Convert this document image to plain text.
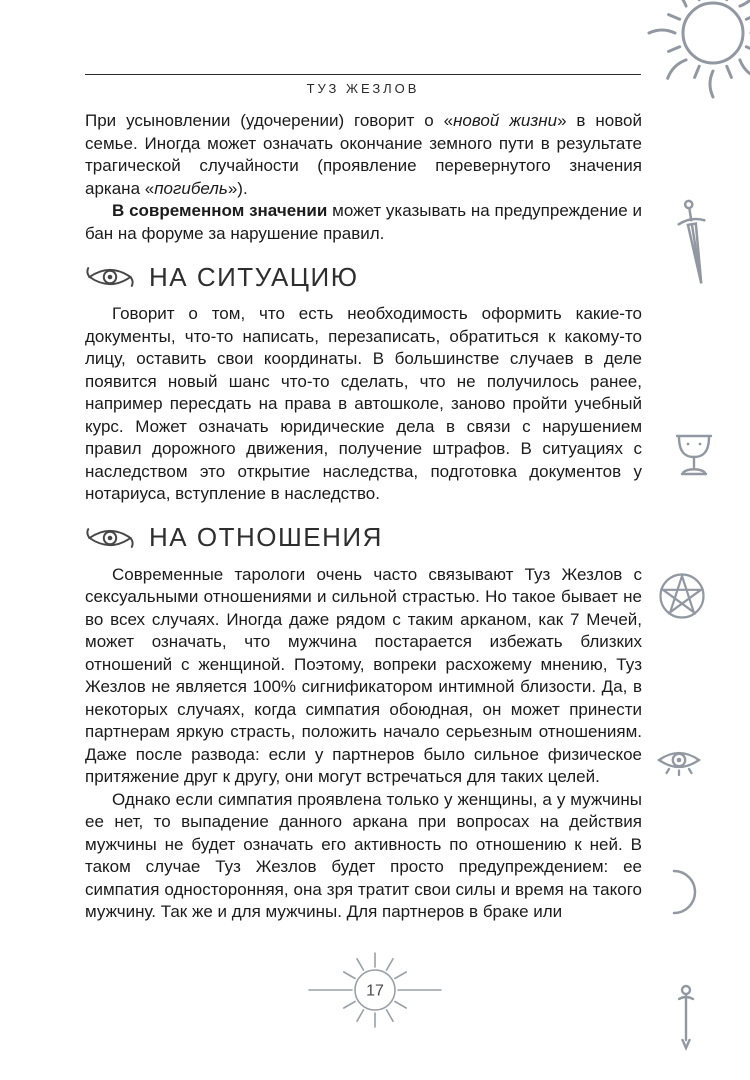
ТУЗ ЖЕЗЛОВ

При усыновлении (удочерении) говорит о «новой жизни» в новой семье. Иногда может означать окончание земного пути в результате трагической случайности (проявление перевернутого значения аркана «погибель»).

В современном значении может указывать на предупреждение и бан на форуме за нарушение правил.

НА СИТУАЦИЮ

Говорит о том, что есть необходимость оформить какие-то документы, что-то написать, перезаписать, обратиться к какому-то лицу, оставить свои координаты. В большинстве случаев в деле появится новый шанс что-то сделать, что не получилось ранее, например пересдать на права в автошколе, заново пройти учебный курс. Может означать юридические дела в связи с нарушением правил дорожного движения, получение штрафов. В ситуациях с наследством это открытие наследства, подготовка документов у нотариуса, вступление в наследство.

НА ОТНОШЕНИЯ

Современные тарологи очень часто связывают Туз Жезлов с сексуальными отношениями и сильной страстью. Но такое бывает не во всех случаях. Иногда даже рядом с таким арканом, как 7 Мечей, может означать, что мужчина постарается избежать близких отношений с женщиной. Поэтому, вопреки расхожему мнению, Туз Жезлов не является 100% сигнификатором интимной близости. Да, в некоторых случаях, когда симпатия обоюдная, он может принести партнерам яркую страсть, положить начало серьезным отношениям. Даже после развода: если у партнеров было сильное физическое притяжение друг к другу, они могут встречаться для таких целей.

Однако если симпатия проявлена только у женщины, а у мужчины ее нет, то выпадение данного аркана при вопросах на действия мужчины не будет означать его активность по отношению к ней. В таком случае Туз Жезлов будет просто предупреждением: ее симпатия односторонняя, она зря тратит свои силы и время на такого мужчину. Так же и для мужчины. Для партнеров в браке или

17
